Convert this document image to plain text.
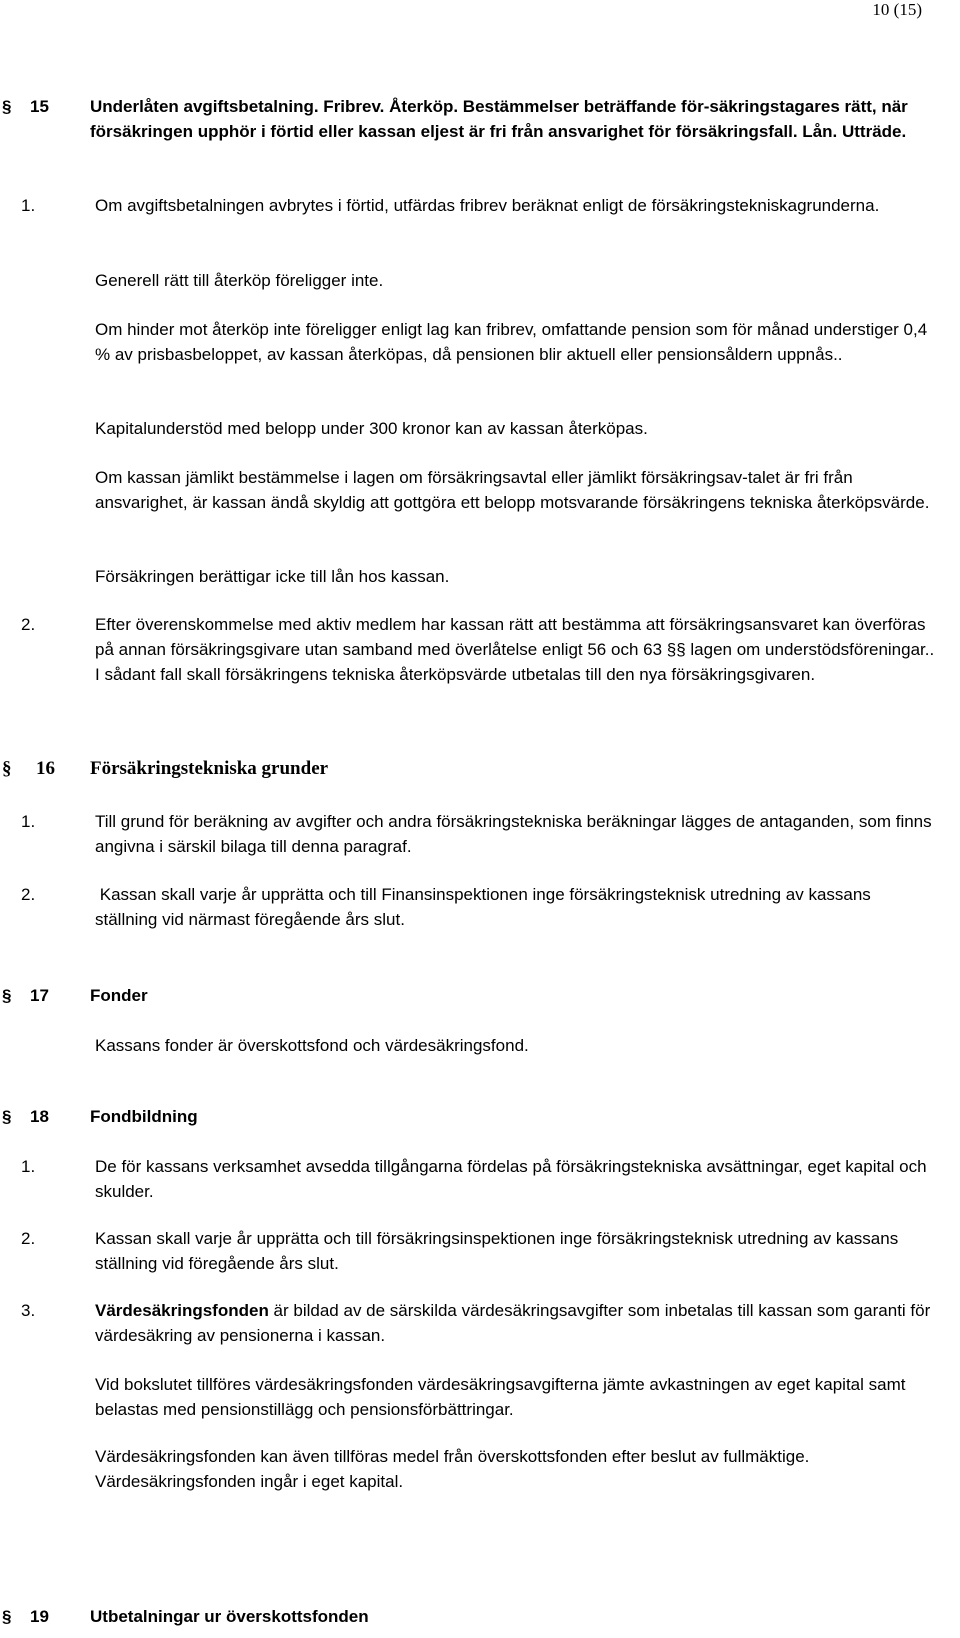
10 (15)
§	15	Underlåten avgiftsbetalning. Fribrev. Återköp. Bestämmelser beträffande för-säkringstagares rätt, när försäkringen upphör i förtid eller kassan eljest är fri från ansvarighet för försäkringsfall. Lån. Utträde.
1.	Om avgiftsbetalningen avbrytes i förtid, utfärdas fribrev beräknat enligt de försäkringstekniskagrunderna.
Generell rätt till återköp föreligger inte.
Om hinder mot återköp inte föreligger enligt lag kan fribrev, omfattande pension som för månad understiger 0,4 % av prisbasbeloppet, av kassan återköpas, då pensionen blir aktuell eller pensionsåldern uppnås..
Kapitalunderstöd med belopp under 300 kronor kan av kassan återköpas.
Om kassan jämlikt bestämmelse i lagen om försäkringsavtal eller jämlikt försäkringsav-talet är fri från ansvarighet, är kassan ändå skyldig att gottgöra ett belopp motsvarande försäkringens tekniska återköpsvärde.
Försäkringen berättigar icke till lån hos kassan.
2.	Efter överenskommelse med aktiv medlem har kassan rätt att bestämma att försäkringsansvaret kan överföras på annan försäkringsgivare utan samband med överlåtelse enligt 56 och 63 §§ lagen om understödsföreningar.. I sådant fall skall försäkringens tekniska återköpsvärde utbetalas till den nya försäkringsgivaren.
§	16	Försäkringstekniska grunder
1.	Till grund för beräkning av avgifter och andra försäkringstekniska beräkningar lägges de antaganden, som finns angivna i särskil bilaga till denna paragraf.
2.	Kassan skall varje år upprätta och till Finansinspektionen inge försäkringsteknisk utredning av kassans ställning vid närmast föregående års slut.
§	17	Fonder
Kassans fonder är överskottsfond och värdesäkringsfond.
§	18	Fondbildning
1.	De för kassans verksamhet avsedda tillgångarna fördelas på försäkringstekniska avsättningar, eget kapital och skulder.
2.	Kassan skall varje år upprätta och till försäkringsinspektionen inge försäkringsteknisk utredning av kassans ställning vid föregående års slut.
3.	Värdesäkringsfonden är bildad av de särskilda värdesäkringsavgifter som inbetalas till kassan som garanti för värdesäkring av pensionerna i kassan.
Vid bokslutet tillföres värdesäkringsfonden värdesäkringsavgifterna jämte avkastningen av eget kapital samt belastas med pensionstillägg och pensionsförbättringar.
Värdesäkringsfonden kan även tillföras medel från överskottsfonden efter beslut av fullmäktige. Värdesäkringsfonden ingår i eget kapital.
§	19	Utbetalningar ur överskottsfonden
